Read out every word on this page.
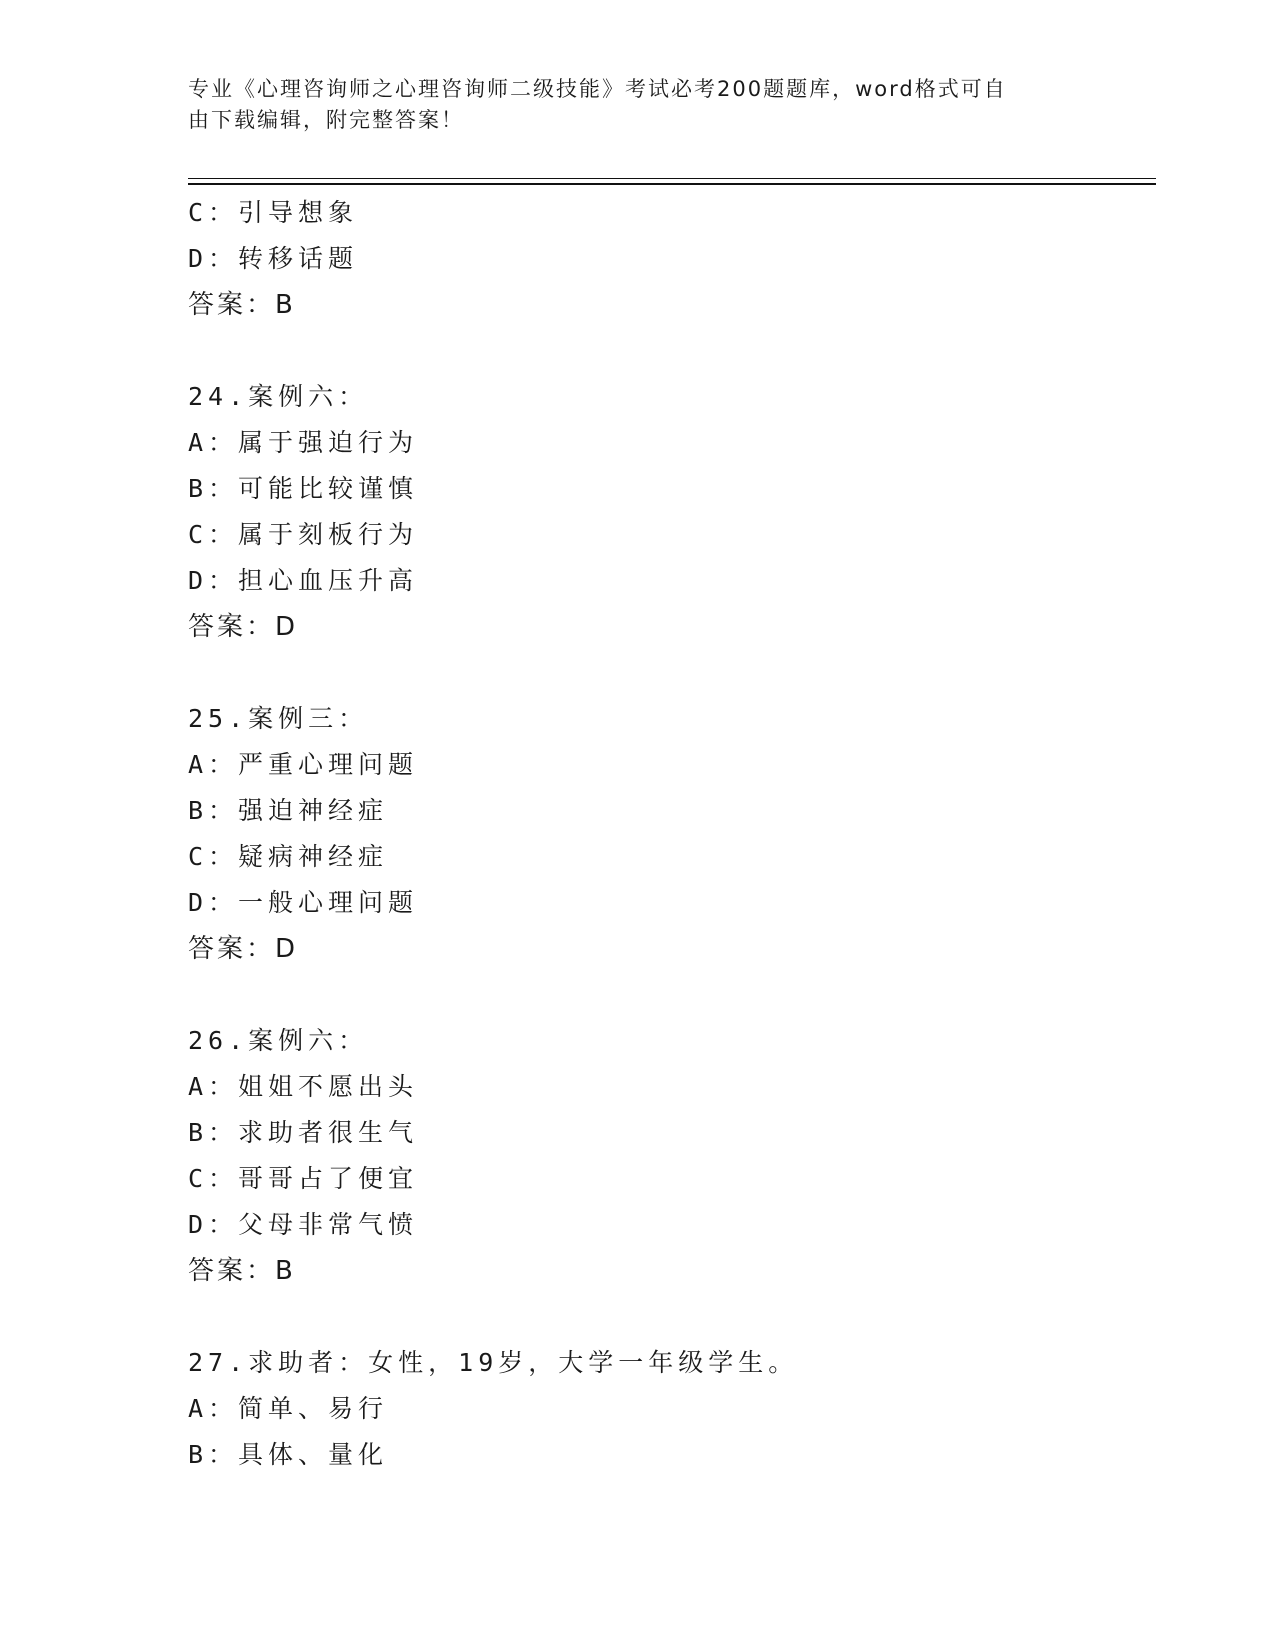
专业《心理咨询师之心理咨询师二级技能》考试必考200题题库，word格式可自
由下载编辑，附完整答案！
C：引导想象
D：转移话题
答案：B
24.案例六：
A：属于强迫行为
B：可能比较谨慎
C：属于刻板行为
D：担心血压升高
答案：D
25.案例三：
A：严重心理问题
B：强迫神经症
C：疑病神经症
D：一般心理问题
答案：D
26.案例六：
A：姐姐不愿出头
B：求助者很生气
C：哥哥占了便宜
D：父母非常气愤
答案：B
27.求助者：女性，19岁，大学一年级学生。
A：简单、易行
B：具体、量化
